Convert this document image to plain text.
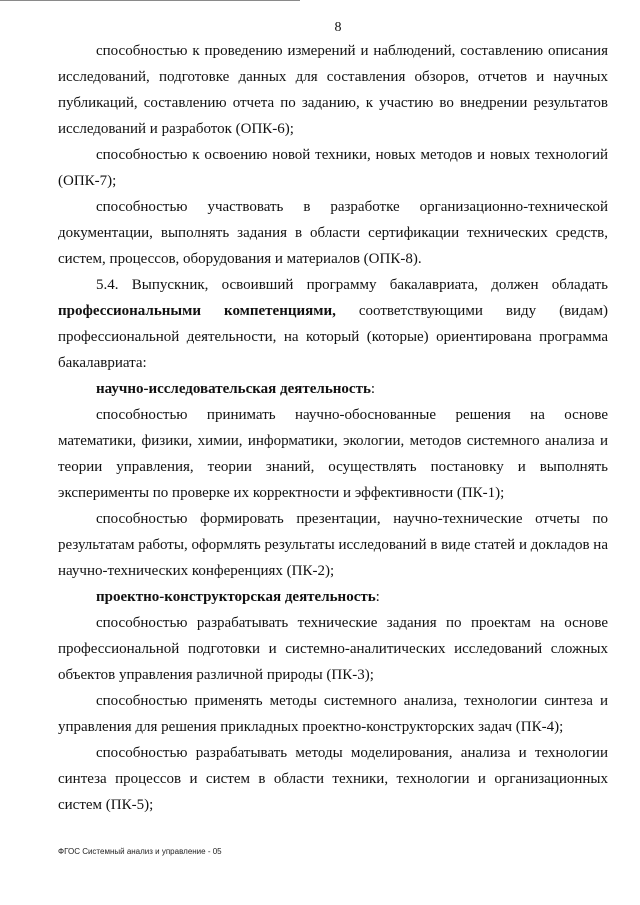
8

способностью к проведению измерений и наблюдений, составлению описания исследований, подготовке данных для составления обзоров, отчетов и научных публикаций, составлению отчета по заданию, к участию во внедрении результатов исследований и разработок (ОПК-6);

способностью к освоению новой техники, новых методов и новых технологий (ОПК-7);

способностью участвовать в разработке организационно-технической документации, выполнять задания в области сертификации технических средств, систем, процессов, оборудования и материалов (ОПК-8).

5.4. Выпускник, освоивший программу бакалавриата, должен обладать профессиональными компетенциями, соответствующими виду (видам) профессиональной деятельности, на который (которые) ориентирована программа бакалавриата:

научно-исследовательская деятельность:

способностью принимать научно-обоснованные решения на основе математики, физики, химии, информатики, экологии, методов системного анализа и теории управления, теории знаний, осуществлять постановку и выполнять эксперименты по проверке их корректности и эффективности (ПК-1);

способностью формировать презентации, научно-технические отчеты по результатам работы, оформлять результаты исследований в виде статей и докладов на научно-технических конференциях (ПК-2);

проектно-конструкторская деятельность:

способностью разрабатывать технические задания по проектам на основе профессиональной подготовки и системно-аналитических исследований сложных объектов управления различной природы (ПК-3);

способностью применять методы системного анализа, технологии синтеза и управления для решения прикладных проектно-конструкторских задач (ПК-4);

способностью разрабатывать методы моделирования, анализа и технологии синтеза процессов и систем в области техники, технологии и организационных систем (ПК-5);

ФГОС Системный анализ и управление - 05
